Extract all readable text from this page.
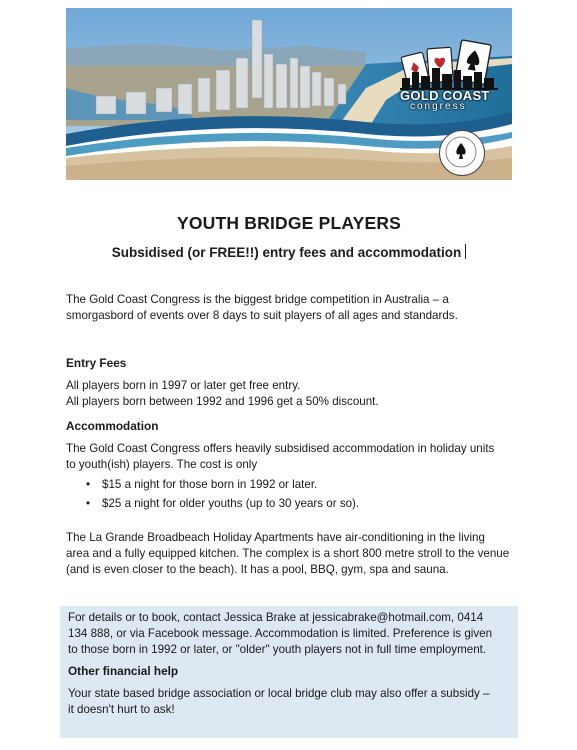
GOLD COAST
congress
YOUTH BRIDGE PLAYERS
Subsidised (or FREE!!) entry fees and accommodation
The Gold Coast Congress is the biggest bridge competition in Australia – a
smorgasbord of events over 8 days to suit players of all ages and standards.
Entry Fees
All players born in 1997 or later get free entry.
All players born between 1992 and 1996 get a 50% discount.
Accommodation
The Gold Coast Congress offers heavily subsidised accommodation in holiday units
to youth(ish) players. The cost is only
• $15 a night for those born in 1992 or later.
• $25 a night for older youths (up to 30 years or so).
The La Grande Broadbeach Holiday Apartments have air-conditioning in the living
area and a fully equipped kitchen. The complex is a short 800 metre stroll to the venue
(and is even closer to the beach). It has a pool, BBQ, gym, spa and sauna.
For details or to book, contact Jessica Brake at jessicabrake@hotmail.com, 0414
134 888, or via Facebook message. Accommodation is limited. Preference is given
to those born in 1992 or later, or "older" youth players not in full time employment.
Other financial help
Your state based bridge association or local bridge club may also offer a subsidy –
it doesn't hurt to ask!
